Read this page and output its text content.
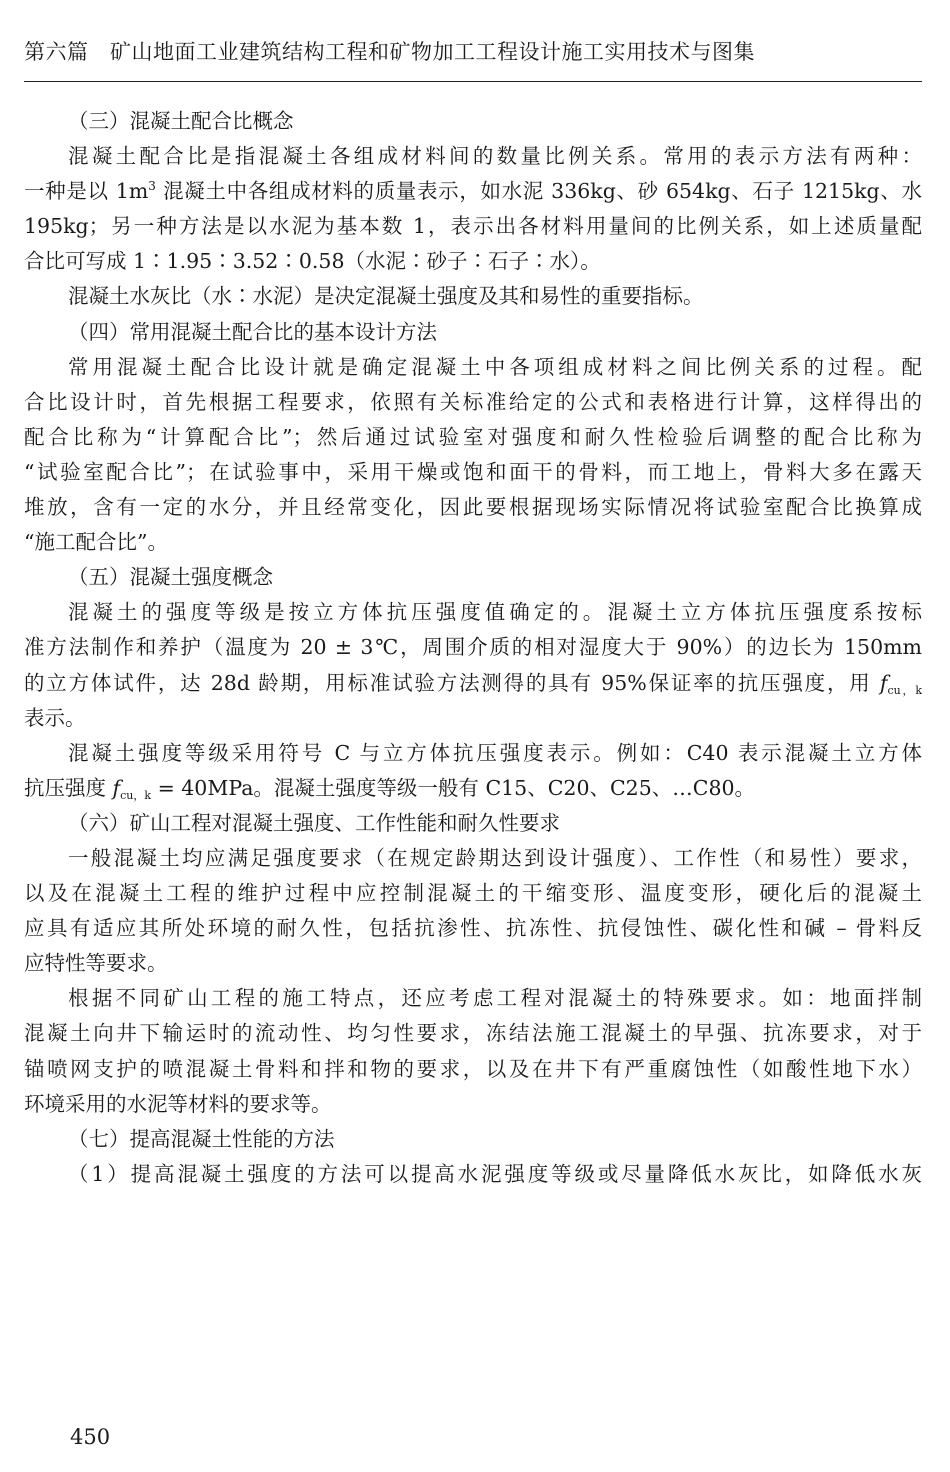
第六篇　矿山地面工业建筑结构工程和矿物加工工程设计施工实用技术与图集
（三）混凝土配合比概念
混凝土配合比是指混凝土各组成材料间的数量比例关系。常用的表示方法有两种：
一种是以 $1m^3$ 混凝土中各组成材料的质量表示，如水泥 336kg、砂 654kg、石子 1215kg、水
195kg；另一种方法是以水泥为基本数 1，表示出各材料用量间的比例关系，如上述质量配
合比可写成 1∶1.95∶3.52∶0.58（水泥∶砂子∶石子∶水）。
混凝土水灰比（水∶水泥）是决定混凝土强度及其和易性的重要指标。
（四）常用混凝土配合比的基本设计方法
常用混凝土配合比设计就是确定混凝土中各项组成材料之间比例关系的过程。配
合比设计时，首先根据工程要求，依照有关标准给定的公式和表格进行计算，这样得出的
配合比称为“计算配合比”；然后通过试验室对强度和耐久性检验后调整的配合比称为
“试验室配合比”；在试验事中，采用干燥或饱和面干的骨料，而工地上，骨料大多在露天
堆放，含有一定的水分，并且经常变化，因此要根据现场实际情况将试验室配合比换算成
“施工配合比”。
（五）混凝土强度概念
混凝土的强度等级是按立方体抗压强度值确定的。混凝土立方体抗压强度系按标
准方法制作和养护（温度为 20 ± 3℃，周围介质的相对湿度大于 90%）的边长为 150mm
的立方体试件，达 28d 龄期，用标准试验方法测得的具有 95%保证率的抗压强度，用 $f_{cu,k}$
表示。
混凝土强度等级采用符号 C 与立方体抗压强度表示。例如：C40 表示混凝土立方体
抗压强度 $f_{cu,k} = 40MPa$。混凝土强度等级一般有 C15、C20、C25、…C80。
（六）矿山工程对混凝土强度、工作性能和耐久性要求
一般混凝土均应满足强度要求（在规定龄期达到设计强度）、工作性（和易性）要求，
以及在混凝土工程的维护过程中应控制混凝土的干缩变形、温度变形，硬化后的混凝土
应具有适应其所处环境的耐久性，包括抗渗性、抗冻性、抗侵蚀性、碳化性和碱 – 骨料反
应特性等要求。
根据不同矿山工程的施工特点，还应考虑工程对混凝土的特殊要求。如：地面拌制
混凝土向井下输运时的流动性、均匀性要求，冻结法施工混凝土的早强、抗冻要求，对于
锚喷网支护的喷混凝土骨料和拌和物的要求，以及在井下有严重腐蚀性（如酸性地下水）
环境采用的水泥等材料的要求等。
（七）提高混凝土性能的方法
（1）提高混凝土强度的方法可以提高水泥强度等级或尽量降低水灰比，如降低水灰
450
